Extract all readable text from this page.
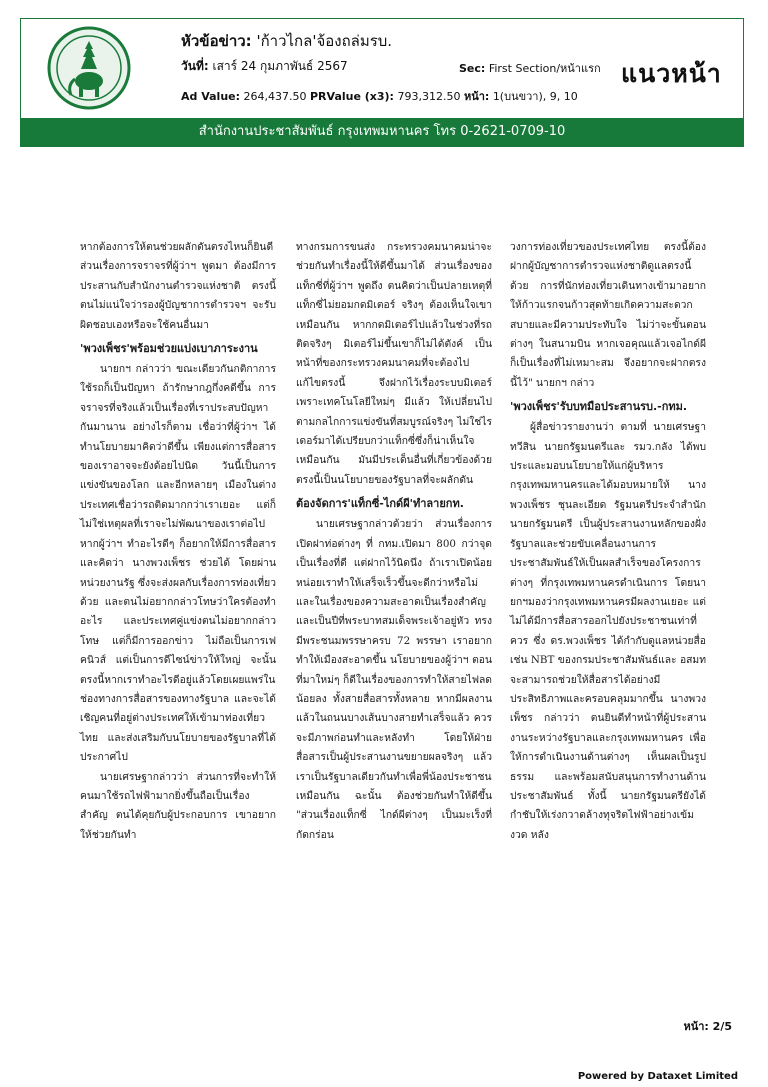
หัวข้อข่าว: 'ก้าวไกล'จ้องถล่มรบ.
วันที่: เสาร์ 24 กุมภาพันธ์ 2567	Sec: First Section/หน้าแรก
Ad Value: 264,437.50 PRValue (x3): 793,312.50 หน้า: 1(บนขวา), 9, 10
แนวหน้า
สำนักงานประชาสัมพันธ์ กรุงเทพมหานคร โทร 0-2621-0709-10

หากต้องการให้ตนช่วยผลักดันตรงไหนก็ยินดี ส่วนเรื่องการจราจรที่ผู้ว่าฯ พูดมา ต้องมีการประสานกับสำนักงานตำรวจแห่งชาติ ตรงนี้ตนไม่แน่ใจว่ารองผู้บัญชาการตำรวจฯ จะรับผิดชอบเองหรือจะใช้คนอื่นมา

'พวงเพ็ชร'พร้อมช่วยแบ่งเบาภาระงาน

นายกฯ กล่าวว่า ขณะเดียวกันกติกาการใช้รถก็เป็นปัญหา ถ้ารักษากฎกึ่งคดีขึ้น การจราจรที่จริงแล้วเป็นเรื่องที่เราประสบปัญหากันมานาน อย่างไรก็ตาม เชื่อว่าที่ผู้ว่าฯ ได้ทำนโยบายมาคิดว่าดีขึ้น เพียงแต่การสื่อสารของเราอาจจะยังด้อยไปนิด วันนี้เป็นการแข่งขันของโลก และอีกหลายๆ เมืองในต่างประเทศเชื่อว่ารถติดมากกว่าเราเยอะ แต่ก็ไม่ใช่เหตุผลที่เราจะไม่พัฒนาของเราต่อไป หากผู้ว่าฯ ทำอะไรดีๆ ก็อยากให้มีการสื่อสาร และคิดว่า นางพวงเพ็ชร ช่วยได้ โดยผ่านหน่วยงานรัฐ ซึ่งจะส่งผลกับเรื่องการท่องเที่ยวด้วย และตนไม่อยากกล่าวโทษว่าใครต้องทำอะไร และประเทศคู่แข่งตนไม่อยากกล่าวโทษ แต่ก็มีการออกข่าว ไม่ถือเป็นการเฟคนิวส์ แต่เป็นการดีไซน์ข่าวให้ใหญ่ จะนั้นตรงนี้หากเราทำอะไรดีอยู่แล้วโดยเผยแพร่ในช่องทางการสื่อสารของทางรัฐบาล และจะได้เชิญคนที่อยู่ต่างประเทศให้เข้ามาท่องเที่ยวไทย และส่งเสริมกับนโยบายของรัฐบาลที่ได้ประกาศไป

นายเศรษฐากล่าวว่า ส่วนการที่จะทำให้คนมาใช้รถไฟฟ้ามากยิ่งขึ้นถือเป็นเรื่องสำคัญ ตนได้คุยกับผู้ประกอบการ เขาอยากให้ช่วยกันทำ

ทางกรมการขนส่ง กระทรวงคมนาคมน่าจะช่วยกันทำเรื่องนี้ให้ดีขึ้นมาได้ ส่วนเรื่องของแท็กซี่ที่ผู้ว่าฯ พูดถึง ตนคิดว่าเป็นปลายเหตุที่แท็กซี่ไม่ยอมกดมิเตอร์ จริงๆ ต้องเห็นใจเขาเหมือนกัน หากกดมิเตอร์ไปแล้วในช่วงที่รถติดจริงๆ มิเตอร์ไม่ขึ้นเขาก็ไม่ได้ตังค์ เป็นหน้าที่ของกระทรวงคมนาคมที่จะต้องไปแก้ไขตรงนี้ จึงฝากไว้เรื่องระบบมิเตอร์ เพราะเทคโนโลยีใหม่ๆ มีแล้ว ให้เปลี่ยนไปตามกลไกการแข่งขันที่สมบูรณ์จริงๆ ไม่ใช่ไรเดอร์มาได้เปรียบกว่าแท็กซี่ซึ่งก็น่าเห็นใจเหมือนกัน มันมีประเด็นอื่นที่เกี่ยวข้องด้วย ตรงนี้เป็นนโยบายของรัฐบาลที่จะผลักดัน

ต้องจัดการ'แท็กซี่-ไกด์ผี'ทำลายกท.

นายเศรษฐากล่าวด้วยว่า ส่วนเรื่องการเปิดฝาท่อต่างๆ ที่ กทม.เปิดมา 800 กว่าจุดเป็นเรื่องที่ดี แต่ฝากไว้นิดนึง ถ้าเราเปิดน้อยหน่อยเราทำให้เสร็จเร็วขึ้นจะดีกว่าหรือไม่ และในเรื่องของความสะอาดเป็นเรื่องสำคัญ และเป็นปีที่พระบาทสมเด็จพระเจ้าอยู่หัว ทรงมีพระชนมพรรษาครบ 72 พรรษา เราอยากทำให้เมืองสะอาดขึ้น นโยบายของผู้ว่าฯ ตอนที่มาใหม่ๆ ก็ดีในเรื่องของการทำให้สายไฟลดน้อยลง ทั้งสายสื่อสารทั้งหลาย หากมีผลงานแล้วในถนนบางเส้นบางสายทำเสร็จแล้ว ควรจะมีภาพก่อนทำและหลังทำ โดยให้ฝ่ายสื่อสารเป็นผู้ประสานงานขยายผลจริงๆ แล้วเราเป็นรัฐบาลเดียวกันทำเพื่อพี่น้องประชาชนเหมือนกัน ฉะนั้น ต้องช่วยกันทำให้ดีขึ้น "ส่วนเรื่องแท็กซี่ ไกด์ผีต่างๆ เป็นมะเร็งที่กัดกร่อน

วงการท่องเที่ยวของประเทศไทย ตรงนี้ต้องฝากผู้บัญชาการตำรวจแห่งชาติดูแลตรงนี้ด้วย การที่นักท่องเที่ยวเดินทางเข้ามาอยากให้ก้าวแรกจนก้าวสุดท้ายเกิดความสะดวกสบายและมีความประทับใจ ไม่ว่าจะขั้นตอนต่างๆ ในสนามบิน หากเจอคุณแล้วเจอไกด์ผีก็เป็นเรื่องที่ไม่เหมาะสม จึงอยากจะฝากตรงนี้ไว้" นายกฯ กล่าว

'พวงเพ็ชร'รับบทมือประสานรบ.-กทม.

ผู้สื่อข่าวรายงานว่า ตามที่ นายเศรษฐา ทวีสิน นายกรัฐมนตรีและ รมว.กลัง ได้พบประและมอบนโยบายให้แก่ผู้บริหารกรุงเทพมหานครและได้มอบหมายให้ นางพวงเพ็ชร ชุนละเอียด รัฐมนตรีประจำสำนักนายกรัฐมนตรี เป็นผู้ประสานงานหลักของฝั่งรัฐบาลและช่วยขับเคลื่อนงานการประชาสัมพันธ์ให้เป็นผลสำเร็จของโครงการต่างๆ ที่กรุงเทพมหานครดำเนินการ โดยนายกฯมองว่ากรุงเทพมหานครมีผลงานเยอะ แต่ไม่ได้มีการสื่อสารออกไปยังประชาชนเท่าที่ควร ซึ่ง ดร.พวงเพ็ชร ได้กำกับดูแลหน่วยสื่อ เช่น NBT ของกรมประชาสัมพันธ์และ อสมท จะสามารถช่วยให้สื่อสารได้อย่างมีประสิทธิภาพและครอบคลุมมากขึ้น นางพวงเพ็ชร กล่าวว่า ตนยินดีทำหน้าที่ผู้ประสานงานระหว่างรัฐบาลและกรุงเทพมหานคร เพื่อให้การดำเนินงานด้านต่างๆ เห็นผลเป็นรูปธรรม และพร้อมสนับสนุนการทำงานด้านประชาสัมพันธ์ ทั้งนี้ นายกรัฐมนตรียังได้กำชับให้เร่งกวาดล้างทุจริตไฟฟ้าอย่างเข้มงวด หลัง

หน้า: 2/5
Powered by Dataxet Limited
